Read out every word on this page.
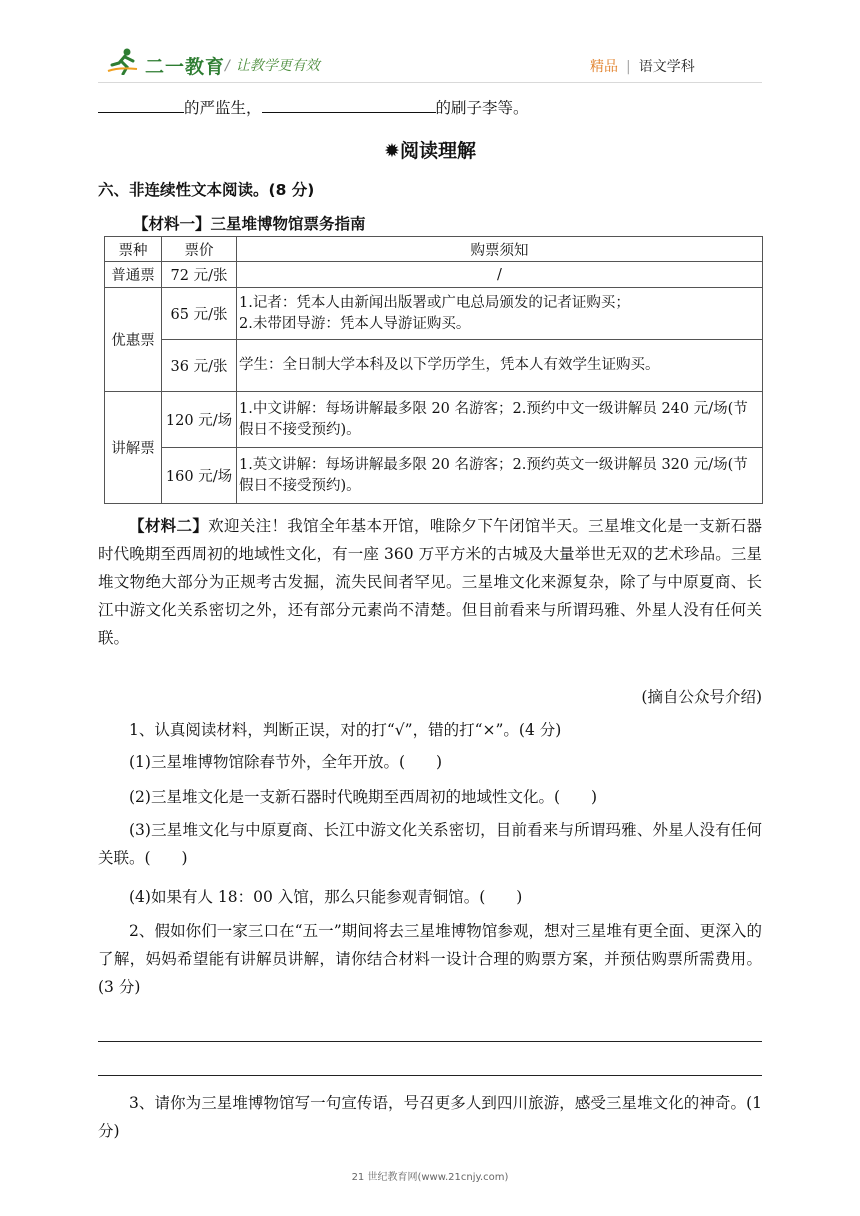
二一教育 / 让教学更有效	精品 | 语文学科
的严监生，	的刷子李等。
✹阅读理解
六、非连续性文本阅读。(8 分)
【材料一】三星堆博物馆票务指南
票种	票价	购票须知
普通票	72 元/张	/
优惠票	65 元/张	1.记者：凭本人由新闻出版署或广电总局颁发的记者证购买；
2.未带团导游：凭本人导游证购买。

	36 元/张	学生：全日制大学本科及以下学历学生，凭本人有效学生证购买。
讲解票	120 元/场	1.中文讲解：每场讲解最多限 20 名游客；2.预约中文一级讲解员 240 元/场(节假日不接受预约)。
	160 元/场	1.英文讲解：每场讲解最多限 20 名游客；2.预约英文一级讲解员 320 元/场(节假日不接受预约)。
【材料二】欢迎关注！我馆全年基本开馆，唯除夕下午闭馆半天。三星堆文化是一支新石器时代晚期至西周初的地域性文化，有一座 360 万平方米的古城及大量举世无双的艺术珍品。三星堆文物绝大部分为正规考古发掘，流失民间者罕见。三星堆文化来源复杂，除了与中原夏商、长江中游文化关系密切之外，还有部分元素尚不清楚。但目前看来与所谓玛雅、外星人没有任何关联。
(摘自公众号介绍)
1、认真阅读材料，判断正误，对的打“√”，错的打“×”。(4 分)
(1)三星堆博物馆除春节外，全年开放。(　　)
(2)三星堆文化是一支新石器时代晚期至西周初的地域性文化。(　　)
(3)三星堆文化与中原夏商、长江中游文化关系密切，目前看来与所谓玛雅、外星人没有任何关联。(　　)
(4)如果有人 18：00 入馆，那么只能参观青铜馆。(　　)
2、假如你们一家三口在“五一”期间将去三星堆博物馆参观，想对三星堆有更全面、更深入的了解，妈妈希望能有讲解员讲解，请你结合材料一设计合理的购票方案，并预估购票所需费用。(3 分)
3、请你为三星堆博物馆写一句宣传语，号召更多人到四川旅游，感受三星堆文化的神奇。(1 分)
21 世纪教育网(www.21cnjy.com)
